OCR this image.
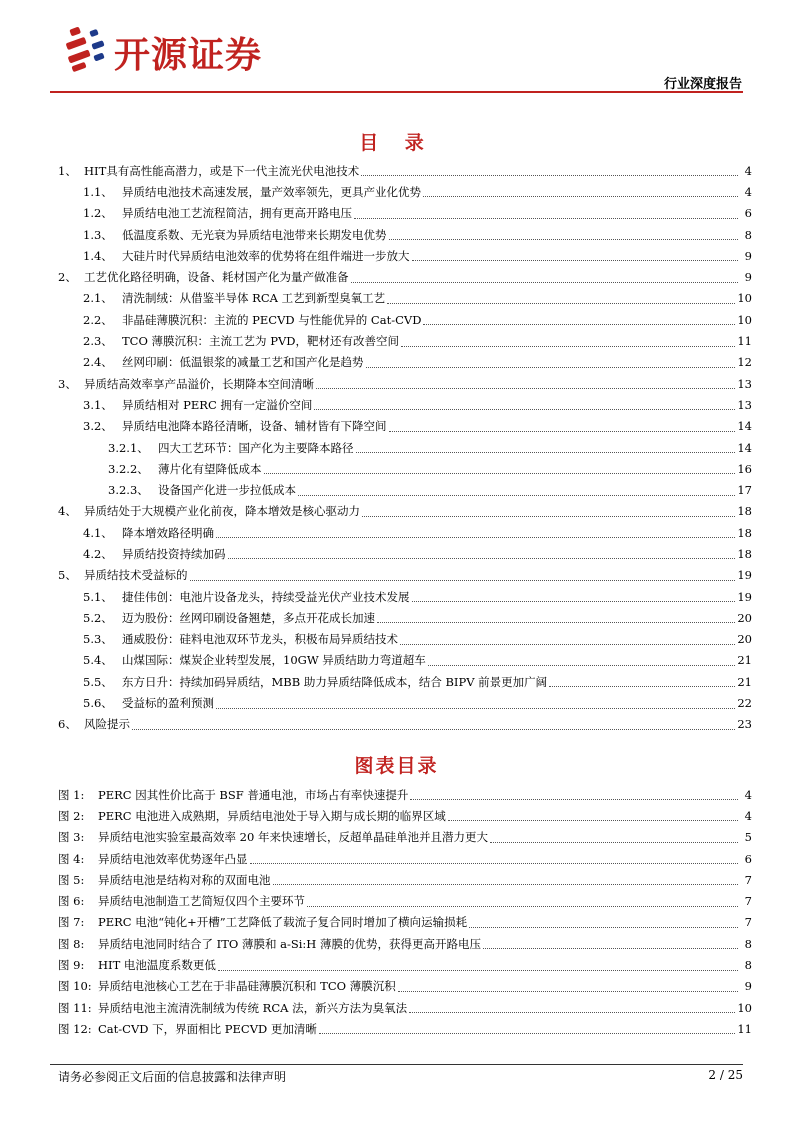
开源证券
行业深度报告
目 录
1、 HIT具有高性能高潜力，或是下一代主流光伏电池技术	4
1.1、 异质结电池技术高速发展，量产效率领先，更具产业化优势	4
1.2、 异质结电池工艺流程简洁，拥有更高开路电压	6
1.3、 低温度系数、无光衰为异质结电池带来长期发电优势	8
1.4、 大硅片时代异质结电池效率的优势将在组件端进一步放大	9
2、 工艺优化路径明确，设备、耗材国产化为量产做准备	9
2.1、 清洗制绒：从借鉴半导体 RCA 工艺到新型臭氧工艺	10
2.2、 非晶硅薄膜沉积：主流的 PECVD 与性能优异的 Cat-CVD	10
2.3、 TCO 薄膜沉积：主流工艺为 PVD，靶材还有改善空间	11
2.4、 丝网印刷：低温银浆的减量工艺和国产化是趋势	12
3、 异质结高效率享产品溢价，长期降本空间清晰	13
3.1、 异质结相对 PERC 拥有一定溢价空间	13
3.2、 异质结电池降本路径清晰，设备、辅材皆有下降空间	14
3.2.1、 四大工艺环节：国产化为主要降本路径	14
3.2.2、 薄片化有望降低成本	16
3.2.3、 设备国产化进一步拉低成本	17
4、 异质结处于大规模产业化前夜，降本增效是核心驱动力	18
4.1、 降本增效路径明确	18
4.2、 异质结投资持续加码	18
5、 异质结技术受益标的	19
5.1、 捷佳伟创：电池片设备龙头，持续受益光伏产业技术发展	19
5.2、 迈为股份：丝网印刷设备翘楚，多点开花成长加速	20
5.3、 通威股份：硅料电池双环节龙头，积极布局异质结技术	20
5.4、 山煤国际：煤炭企业转型发展，10GW 异质结助力弯道超车	21
5.5、 东方日升：持续加码异质结，MBB 助力异质结降低成本，结合 BIPV 前景更加广阔	21
5.6、 受益标的盈利预测	22
6、 风险提示	23
图表目录
图 1:	PERC 因其性价比高于 BSF 普通电池，市场占有率快速提升	4
图 2:	PERC 电池进入成熟期，异质结电池处于导入期与成长期的临界区域	4
图 3:	异质结电池实验室最高效率 20 年来快速增长，反超单晶硅单池并且潜力更大	5
图 4:	异质结电池效率优势逐年凸显	6
图 5:	异质结电池是结构对称的双面电池	7
图 6:	异质结电池制造工艺简短仅四个主要环节	7
图 7:	PERC 电池“钝化+开槽”工艺降低了载流子复合同时增加了横向运输损耗	7
图 8:	异质结电池同时结合了 ITO 薄膜和 a-Si:H 薄膜的优势，获得更高开路电压	8
图 9:	HIT 电池温度系数更低	8
图 10: 异质结电池核心工艺在于非晶硅薄膜沉积和 TCO 薄膜沉积	9
图 11: 异质结电池主流清洗制绒为传统 RCA 法，新兴方法为臭氧法	10
图 12: Cat-CVD 下，界面相比 PECVD 更加清晰	11
请务必参阅正文后面的信息披露和法律声明	2 / 25
